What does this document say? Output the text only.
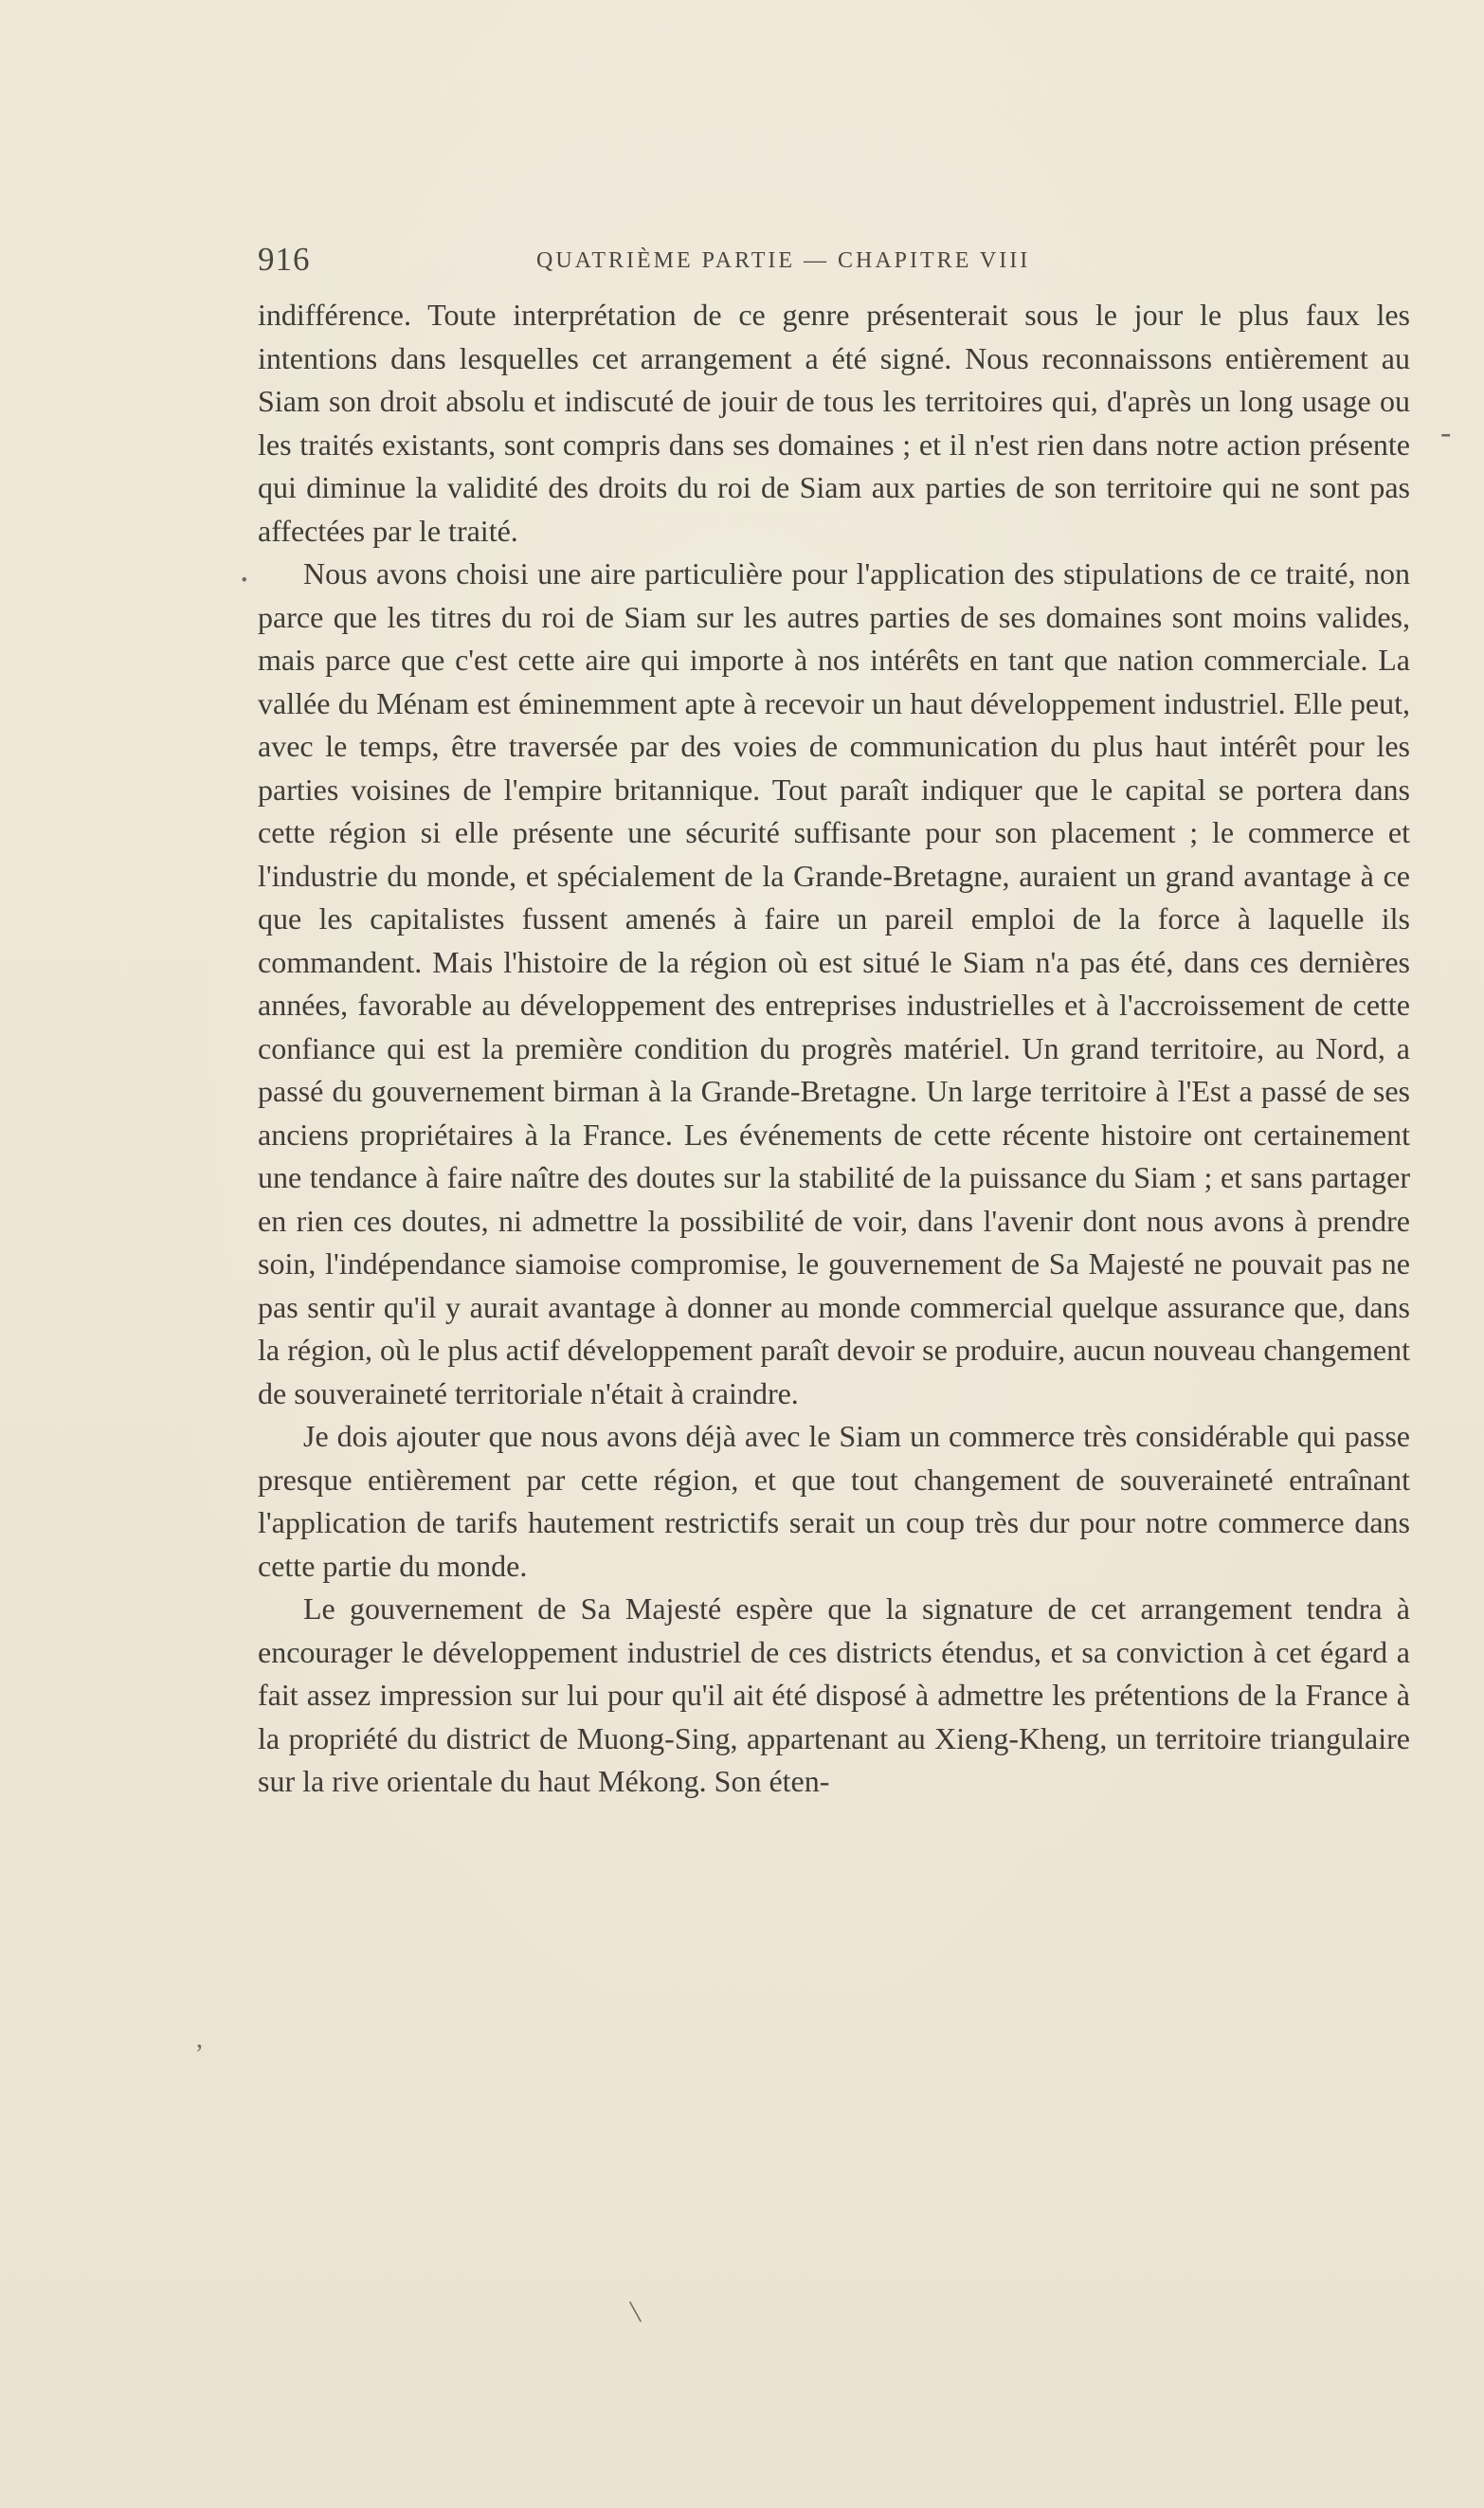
916	QUATRIÈME PARTIE — CHAPITRE VIII

indifférence. Toute interprétation de ce genre présenterait sous le jour le plus faux les intentions dans lesquelles cet arrangement a été signé. Nous reconnaissons entièrement au Siam son droit absolu et indiscuté de jouir de tous les territoires qui, d'après un long usage ou les traités existants, sont compris dans ses domaines ; et il n'est rien dans notre action présente qui diminue la validité des droits du roi de Siam aux parties de son territoire qui ne sont pas affectées par le traité.

Nous avons choisi une aire particulière pour l'application des stipulations de ce traité, non parce que les titres du roi de Siam sur les autres parties de ses domaines sont moins valides, mais parce que c'est cette aire qui importe à nos intérêts en tant que nation commerciale. La vallée du Ménam est éminemment apte à recevoir un haut développement industriel. Elle peut, avec le temps, être traversée par des voies de communication du plus haut intérêt pour les parties voisines de l'empire britannique. Tout paraît indiquer que le capital se portera dans cette région si elle présente une sécurité suffisante pour son placement ; le commerce et l'industrie du monde, et spécialement de la Grande-Bretagne, auraient un grand avantage à ce que les capitalistes fussent amenés à faire un pareil emploi de la force à laquelle ils commandent. Mais l'histoire de la région où est situé le Siam n'a pas été, dans ces dernières années, favorable au développement des entreprises industrielles et à l'accroissement de cette confiance qui est la première condition du progrès matériel. Un grand territoire, au Nord, a passé du gouvernement birman à la Grande-Bretagne. Un large territoire à l'Est a passé de ses anciens propriétaires à la France. Les événements de cette récente histoire ont certainement une tendance à faire naître des doutes sur la stabilité de la puissance du Siam ; et sans partager en rien ces doutes, ni admettre la possibilité de voir, dans l'avenir dont nous avons à prendre soin, l'indépendance siamoise compromise, le gouvernement de Sa Majesté ne pouvait pas ne pas sentir qu'il y aurait avantage à donner au monde commercial quelque assurance que, dans la région, où le plus actif développement paraît devoir se produire, aucun nouveau changement de souveraineté territoriale n'était à craindre.

Je dois ajouter que nous avons déjà avec le Siam un commerce très considérable qui passe presque entièrement par cette région, et que tout changement de souveraineté entraînant l'application de tarifs hautement restrictifs serait un coup très dur pour notre commerce dans cette partie du monde.

Le gouvernement de Sa Majesté espère que la signature de cet arrangement tendra à encourager le développement industriel de ces districts étendus, et sa conviction à cet égard a fait assez impression sur lui pour qu'il ait été disposé à admettre les prétentions de la France à la propriété du district de Muong-Sing, appartenant au Xieng-Kheng, un territoire triangulaire sur la rive orientale du haut Mékong. Son éten-

-
.
,
\
